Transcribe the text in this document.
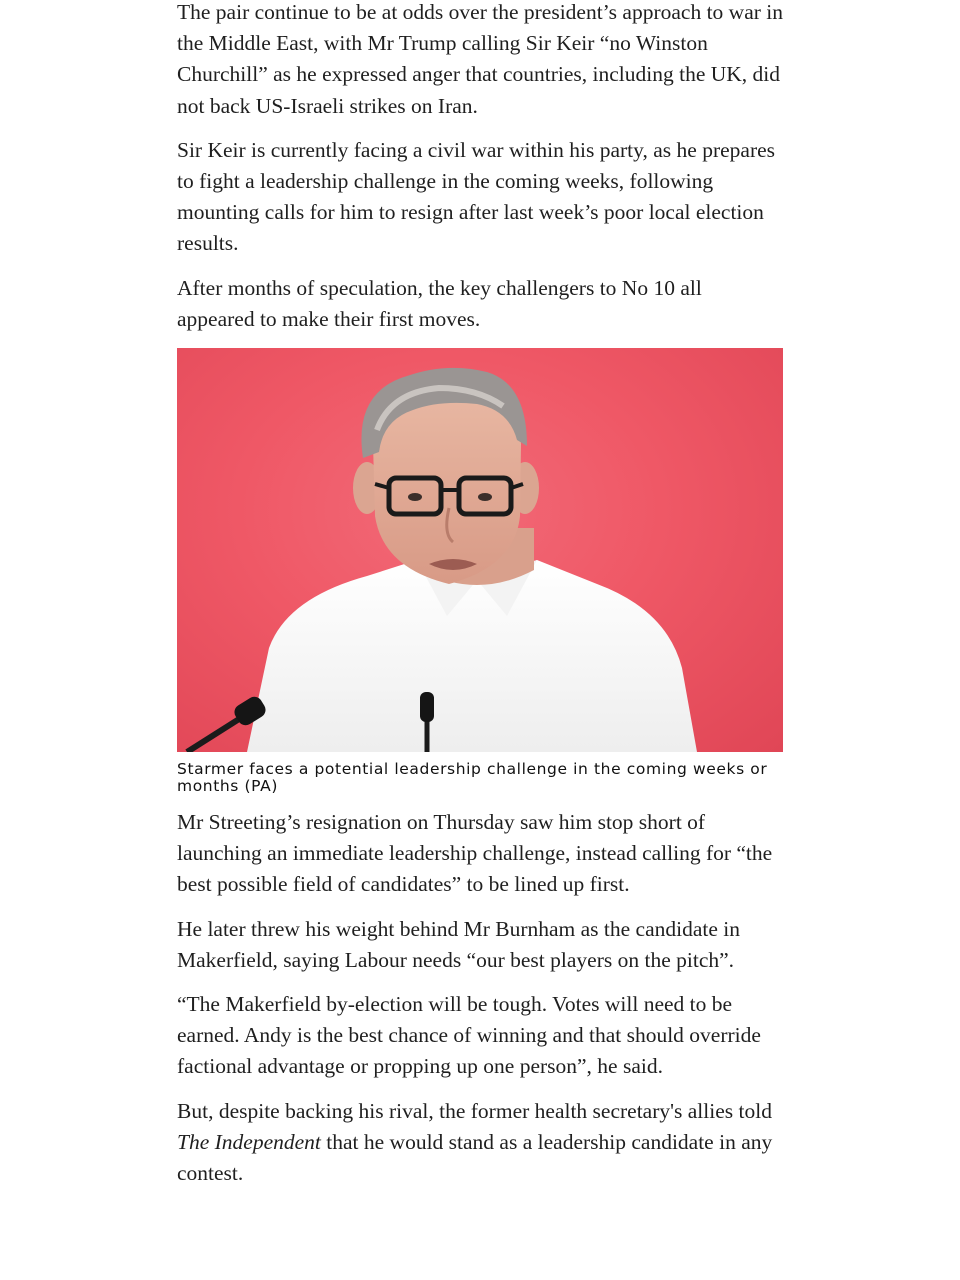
The pair continue to be at odds over the president’s approach to war in the Middle East, with Mr Trump calling Sir Keir “no Winston Churchill” as he expressed anger that countries, including the UK, did not back US-Israeli strikes on Iran.

Sir Keir is currently facing a civil war within his party, as he prepares to fight a leadership challenge in the coming weeks, following mounting calls for him to resign after last week’s poor local election results.

After months of speculation, the key challengers to No 10 all appeared to make their first moves.

Starmer faces a potential leadership challenge in the coming weeks or months (PA)

Mr Streeting’s resignation on Thursday saw him stop short of launching an immediate leadership challenge, instead calling for “the best possible field of candidates” to be lined up first.

He later threw his weight behind Mr Burnham as the candidate in Makerfield, saying Labour needs “our best players on the pitch”.

“The Makerfield by-election will be tough. Votes will need to be earned. Andy is the best chance of winning and that should override factional advantage or propping up one person”, he said.

But, despite backing his rival, the former health secretary's allies told The Independent that he would stand as a leadership candidate in any contest.
